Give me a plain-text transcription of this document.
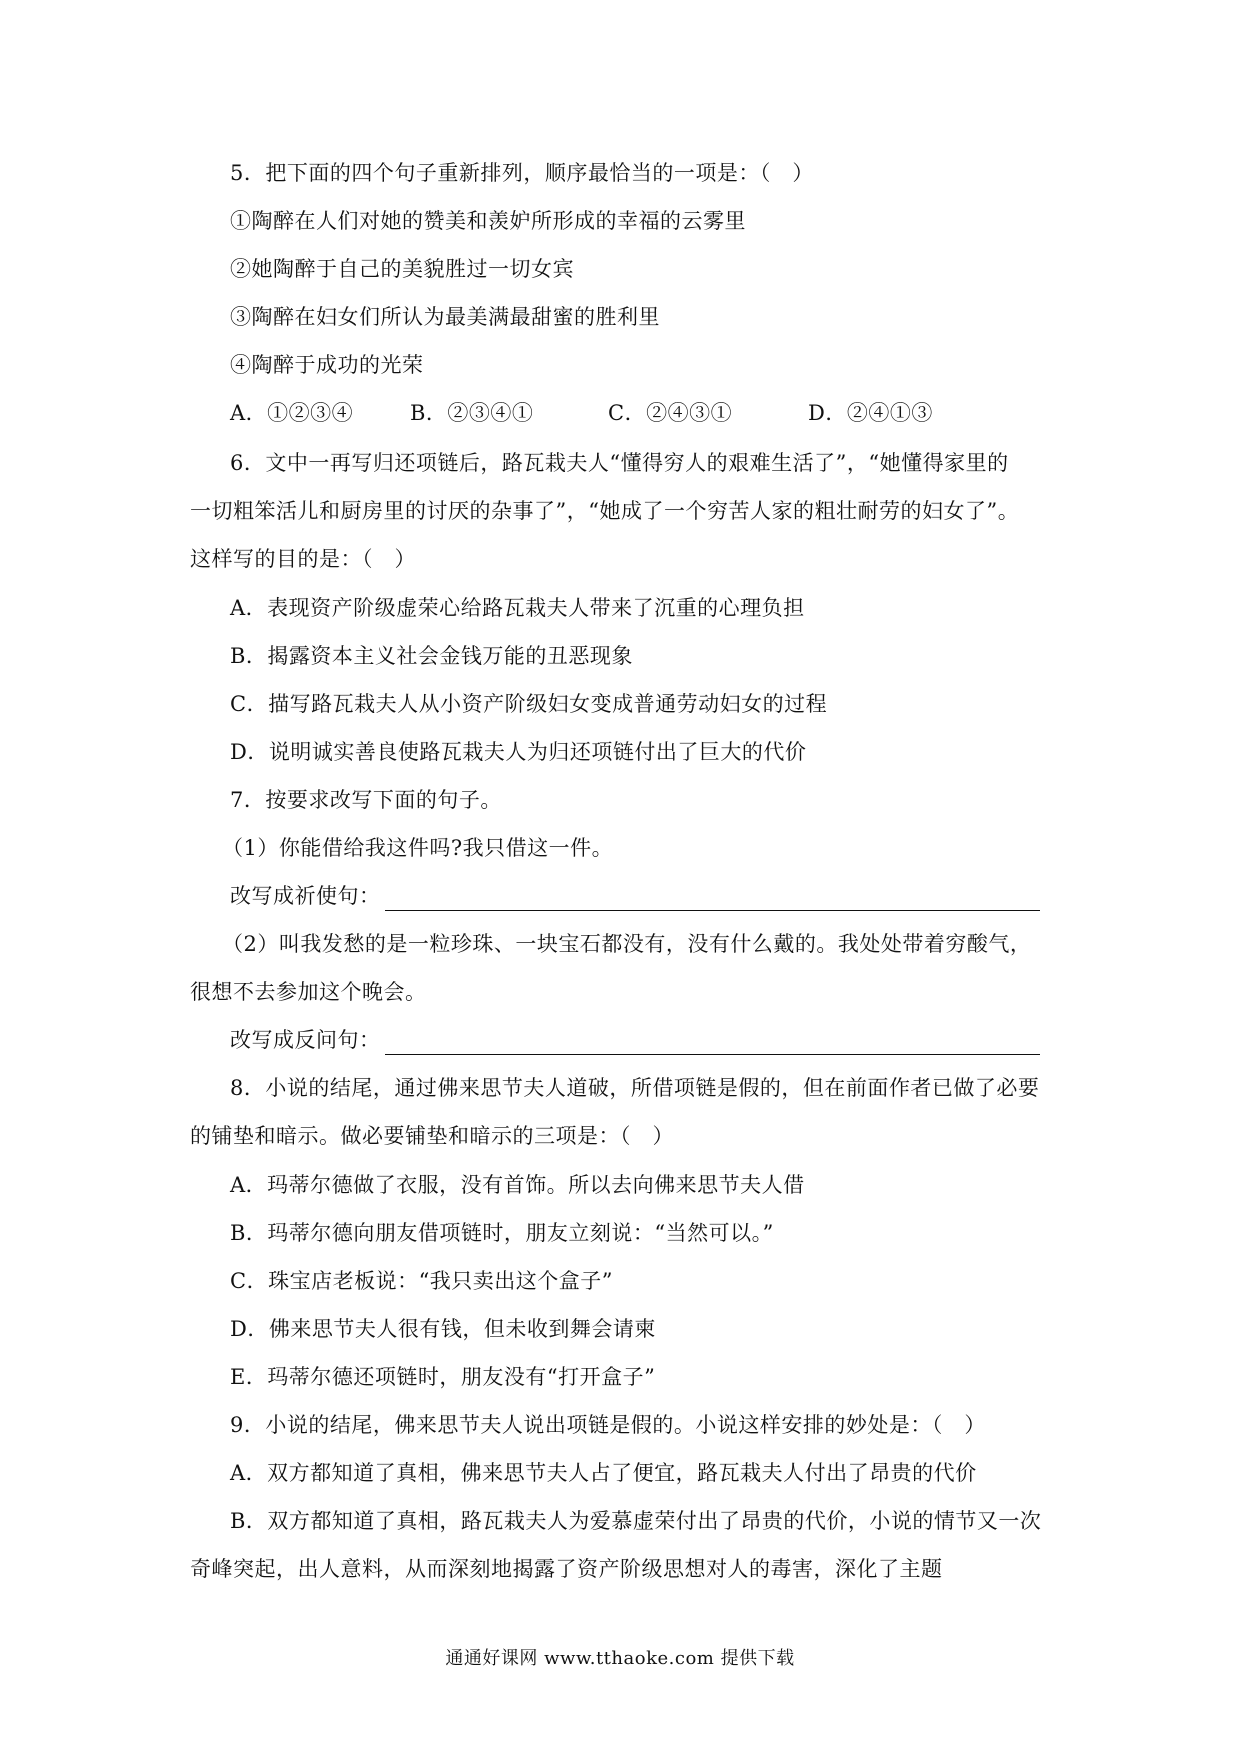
5．把下面的四个句子重新排列，顺序最恰当的一项是：（　）
①陶醉在人们对她的赞美和羡妒所形成的幸福的云雾里
②她陶醉于自己的美貌胜过一切女宾
③陶醉在妇女们所认为最美满最甜蜜的胜利里
④陶醉于成功的光荣
A．①②③④	B．②③④①	C．②④③①	D．②④①③
6．文中一再写归还项链后，路瓦栽夫人“懂得穷人的艰难生活了”，“她懂得家里的
一切粗笨活儿和厨房里的讨厌的杂事了”，“她成了一个穷苦人家的粗壮耐劳的妇女了”。
这样写的目的是：（　）
A．表现资产阶级虚荣心给路瓦栽夫人带来了沉重的心理负担
B．揭露资本主义社会金钱万能的丑恶现象
C．描写路瓦栽夫人从小资产阶级妇女变成普通劳动妇女的过程
D．说明诚实善良使路瓦栽夫人为归还项链付出了巨大的代价
7．按要求改写下面的句子。
（1）你能借给我这件吗?我只借这一件。
改写成祈使句：
（2）叫我发愁的是一粒珍珠、一块宝石都没有，没有什么戴的。我处处带着穷酸气，
很想不去参加这个晚会。
改写成反问句：
8．小说的结尾，通过佛来思节夫人道破，所借项链是假的，但在前面作者已做了必要
的铺垫和暗示。做必要铺垫和暗示的三项是：（　）
A．玛蒂尔德做了衣服，没有首饰。所以去向佛来思节夫人借
B．玛蒂尔德向朋友借项链时，朋友立刻说：“当然可以。”
C．珠宝店老板说：“我只卖出这个盒子”
D．佛来思节夫人很有钱，但未收到舞会请柬
E．玛蒂尔德还项链时，朋友没有“打开盒子”
9．小说的结尾，佛来思节夫人说出项链是假的。小说这样安排的妙处是：（　）
A．双方都知道了真相，佛来思节夫人占了便宜，路瓦栽夫人付出了昂贵的代价
B．双方都知道了真相，路瓦栽夫人为爱慕虚荣付出了昂贵的代价，小说的情节又一次
奇峰突起，出人意料，从而深刻地揭露了资产阶级思想对人的毒害，深化了主题
通通好课网 www.tthaoke.com 提供下载
